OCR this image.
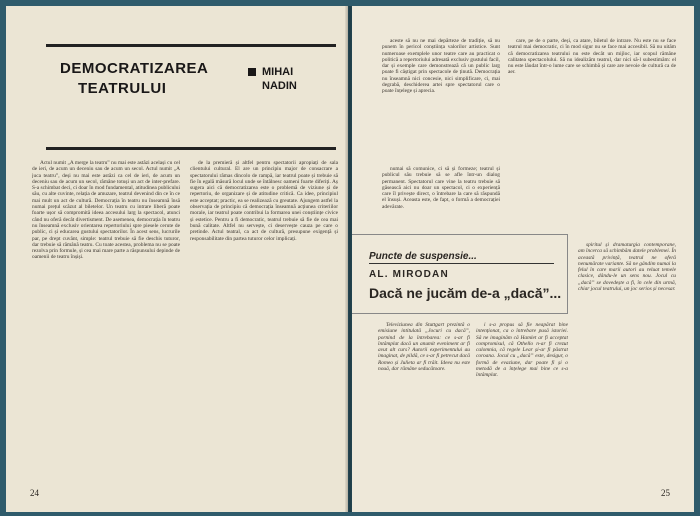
DEMOCRATIZAREA
TEATRULUI
MIHAI
NADIN

Actul numit „A merge la teatru” nu mai este astăzi același cu cel de ieri, de acum un deceniu sau de acum un secol. Actul numit „A juca teatru”, deși nu mai este astăzi ca cel de ieri, de acum un deceniu sau de acum un secol, rămâne totuși un act de inter-prefare. S-a schimbat deci, ci doar în mod fundamental, atitudinea publicului său, cu alte cuvinte, relația de amuzare, teatrul devenind din ce în ce mai mult un act de cultură. Democrația în teatru nu înseamnă însă numai prețul scăzut al biletelor. Un teatru cu intrare liberă poate foarte ușor să compromită ideea accesului larg la spectacol, atunci când nu oferă decât divertisment. De asemenea, democrația în teatru nu înseamnă exclusiv orientarea repertoriului spre piesele cerute de public, ci și educarea gustului spectatorilor. În acest sens, lucrurile par, pe drept cuvânt, simple: teatrul trebuie să fie deschis tuturor, dar trebuie să rămână teatru. Cu toate acestea, problema nu se poate rezolva prin formule, și cea mai mare parte a răspunsului depinde de oamenii de teatru înșiși.

de la premieră și altfel pentru spectatorii apropiați de sala clientului cultural. El are un principiu major de consacrare a spectatorului rămas dincolo de rampă, iar teatrul poate și trebuie să fie în egală măsură locul unde se întâlnesc oameni foarte diferiți. Aș sugera aici că democratizarea este o problemă de viziune și de repertoriu, de organizare și de atitudine critică. Ca idee, principiul este acceptat; practic, ea se realizează cu greutate. Ajungem astfel la observația de principiu că democrația înseamnă acțiunea criteriilor morale, iar teatrul poate contribui la formarea unei conștiințe civice și estetice. Pentru a fi democratic, teatrul trebuie să fie de cea mai bună calitate. Altfel nu servește, ci deservește cauza pe care o pretinde. Actul teatral, ca act de cultură, presupune exigență și responsabilitate din partea tuturor celor implicați.

24

aceste să nu ne mai depărteze de tradiție, să nu punem în pericol conștiința valorilor artistice. Sunt numeroase exemplele unor teatre care au practicat o politică a repertoriului adresată exclusiv gustului facil, dar și exemple care demonstrează că un public larg poate fi câștigat prin spectacole de ținută. Democrația nu înseamnă nici concesie, nici simplificare, ci, mai degrabă, deschiderea artei spre spectatorul care o poate înțelege și aprecia.

numai să comunice, ci să și formeze; teatrul și publicul său trebuie să se afle într-un dialog permanent. Spectatorul care vine la teatru trebuie să găsească aici nu doar un spectacol, ci o experiență care îl privește direct, o întrebare la care să răspundă el însuși. Aceasta este, de fapt, o formă a democrației adevărate.

care, pe de o parte, deși, ca atare, biletul de intrare. Nu este nu se face teatrul mai democratic, ci în mod sigur nu se face mai accesibil. Să nu uităm că democratizarea teatrului nu este decât un mijloc, iar scopul rămâne calitatea spectacolului. Să nu idealizăm teatrul, dar nici să-l subestimăm: el nu este lăudat într-o lume care se schimbă și care are nevoie de cultură ca de aer.

Puncte de suspensie...
AL. MIRODAN
Dacă ne jucăm de-a „dacă”...

Televiziunea din Stuttgart prezintă o emisiune intitulată „Jocuri cu dacă”, pornind de la întrebarea: ce s-ar fi întâmplat dacă un anumit eveniment ar fi avut alt curs? Autorii experimentului au imaginat, de pildă, ce s-ar fi petrecut dacă Romeo și Julieta ar fi trăit. Ideea nu este nouă, dar rămâne seducătoare.

i s-a propus să fie neapărat bine intenționat, ca o întrebare pusă istoriei. Să ne imaginăm că Hamlet ar fi acceptat compromisul, că Othello n-ar fi crezut calomnia, că regele Lear și-ar fi păstrat coroana. Jocul cu „dacă” este, desigur, o formă de evaziune, dar poate fi și o metodă de a înțelege mai bine ce s-a întâmplat.

spiritul și dramaturgia contemporane, am încerca să schimbăm datele problemei. În această privință, teatrul ne oferă nenumărate variante. Să ne gândim numai la felul în care marii autori au reluat temele clasice, dându-le un sens nou. Jocul cu „dacă” se dovedește a fi, în cele din urmă, chiar jocul teatrului, un joc serios și necesar.

25
